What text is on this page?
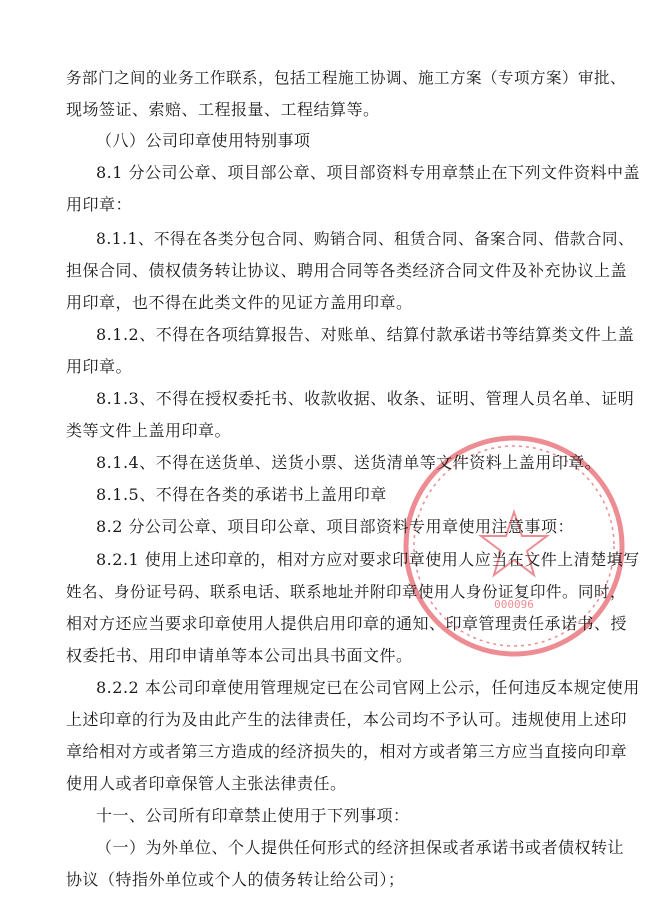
000096
务部门之间的业务工作联系，包括工程施工协调、施工方案（专项方案）审批、
现场签证、索赔、工程报量、工程结算等。
（八）公司印章使用特别事项
8.1 分公司公章、项目部公章、项目部资料专用章禁止在下列文件资料中盖
用印章：
8.1.1、不得在各类分包合同、购销合同、租赁合同、备案合同、借款合同、
担保合同、债权债务转让协议、聘用合同等各类经济合同文件及补充协议上盖
用印章，也不得在此类文件的见证方盖用印章。
8.1.2、不得在各项结算报告、对账单、结算付款承诺书等结算类文件上盖
用印章。
8.1.3、不得在授权委托书、收款收据、收条、证明、管理人员名单、证明
类等文件上盖用印章。
8.1.4、不得在送货单、送货小票、送货清单等文件资料上盖用印章。
8.1.5、不得在各类的承诺书上盖用印章
8.2 分公司公章、项目印公章、项目部资料专用章使用注意事项：
8.2.1 使用上述印章的，相对方应对要求印章使用人应当在文件上清楚填写
姓名、身份证号码、联系电话、联系地址并附印章使用人身份证复印件。同时，
相对方还应当要求印章使用人提供启用印章的通知、印章管理责任承诺书、授
权委托书、用印申请单等本公司出具书面文件。
8.2.2 本公司印章使用管理规定已在公司官网上公示，任何违反本规定使用
上述印章的行为及由此产生的法律责任，本公司均不予认可。违规使用上述印
章给相对方或者第三方造成的经济损失的，相对方或者第三方应当直接向印章
使用人或者印章保管人主张法律责任。
十一、公司所有印章禁止使用于下列事项：
（一）为外单位、个人提供任何形式的经济担保或者承诺书或者债权转让
协议（特指外单位或个人的债务转让给公司）；
